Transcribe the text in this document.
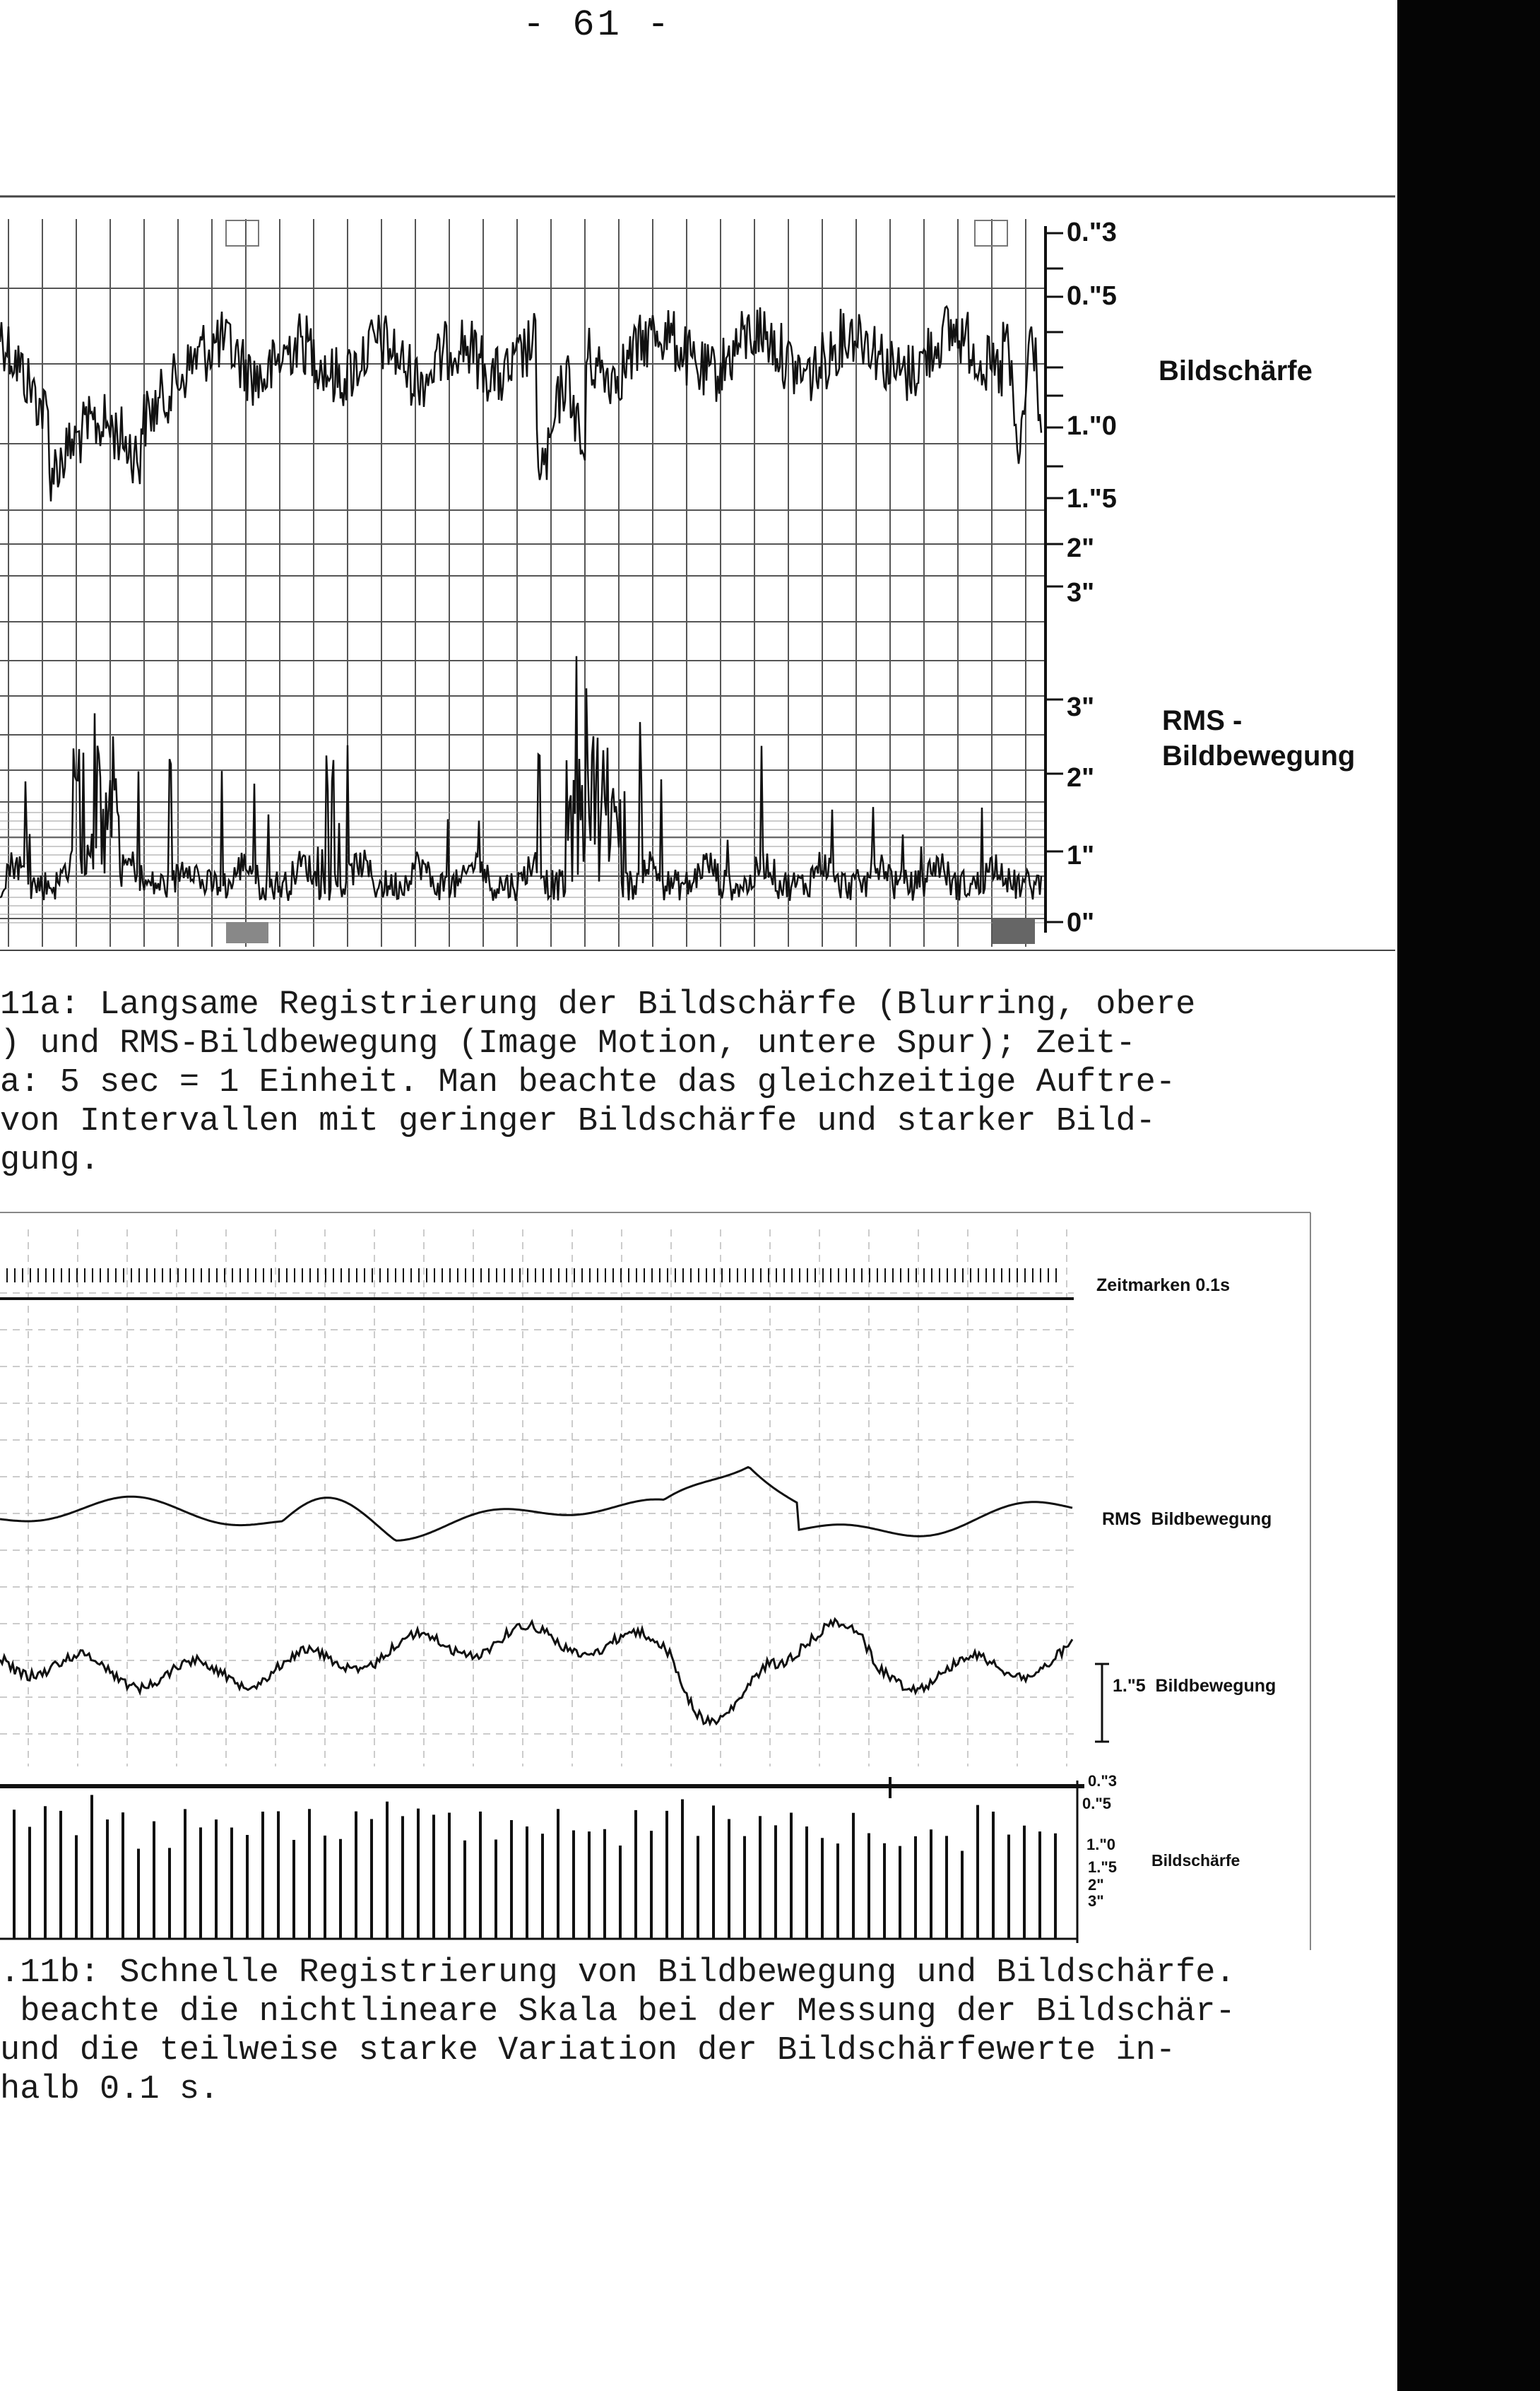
- 61 -
0."3
0."5
1."0
1."5
2"
3"
3"
2"
1"
0"
Bildschärfe
RMS -
Bildbewegung
11a: Langsame Registrierung der Bildschärfe (Blurring, obere
) und RMS-Bildbewegung (Image Motion, untere Spur); Zeit-
a: 5 sec = 1 Einheit. Man beachte das gleichzeitige Auftre-
von Intervallen mit geringer Bildschärfe und starker Bild-
gung.
Zeitmarken 0.1s
RMS  Bildbewegung
1."5  Bildbewegung
Bildschärfe
0."3
0."5
1."0
1."5
2"
3"
.11b: Schnelle Registrierung von Bildbewegung und Bildschärfe.
beachte die nichtlineare Skala bei der Messung der Bildschär-
und die teilweise starke Variation der Bildschärfewerte in-
halb 0.1 s.
